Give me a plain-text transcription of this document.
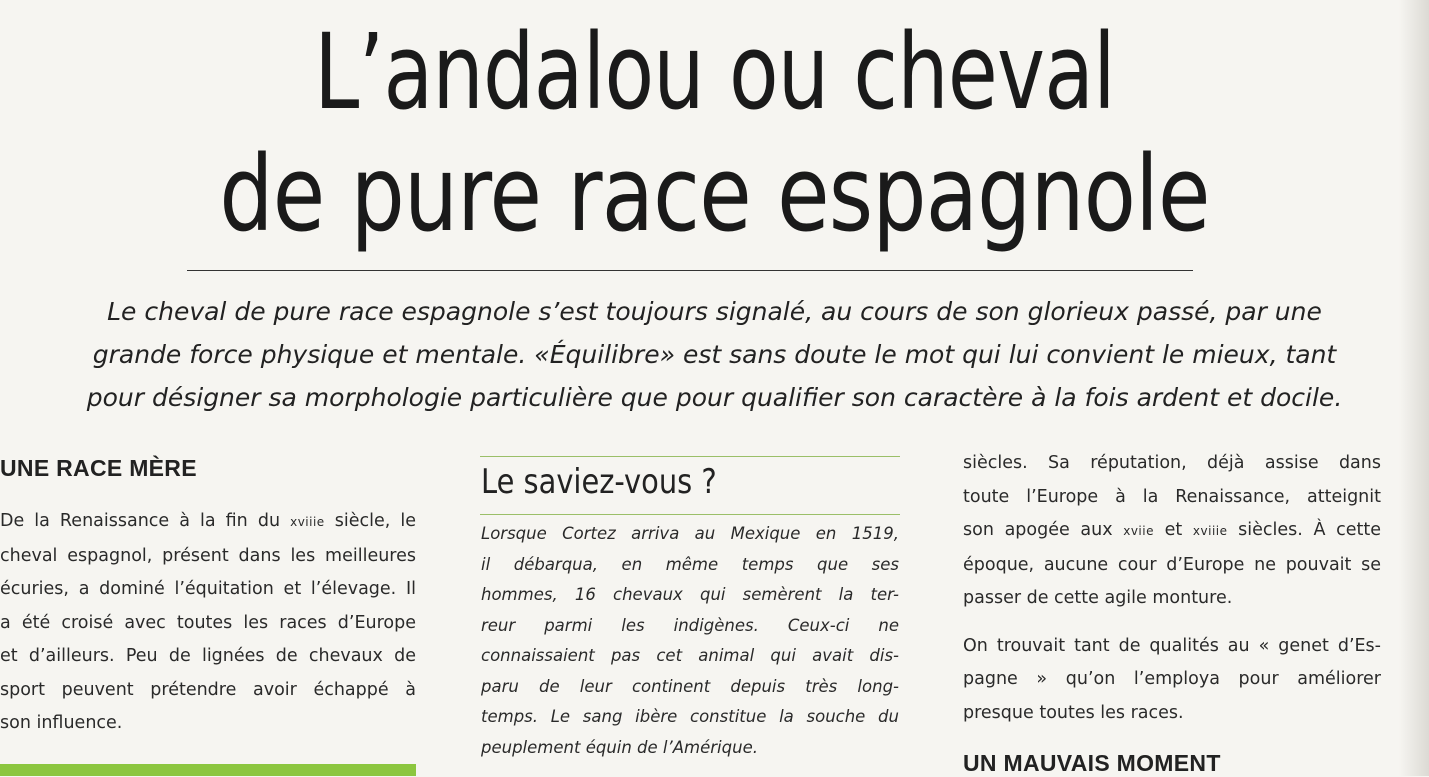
L’andalou ou cheval
de pure race espagnole
Le cheval de pure race espagnole s’est toujours signalé, au cours de son glorieux passé, par une
grande force physique et mentale. «Équilibre» est sans doute le mot qui lui convient le mieux, tant
pour désigner sa morphologie particulière que pour qualifier son caractère à la fois ardent et docile.
UNE RACE MÈRE
De la Renaissance à la fin du xviiie siècle, le
cheval espagnol, présent dans les meilleures
écuries, a dominé l’équitation et l’élevage. Il
a été croisé avec toutes les races d’Europe
et d’ailleurs. Peu de lignées de chevaux de
sport peuvent prétendre avoir échappé à
son influence.
Le saviez-vous ?
Lorsque Cortez arriva au Mexique en 1519,
il débarqua, en même temps que ses
hommes, 16 chevaux qui semèrent la ter-
reur parmi les indigènes. Ceux-ci ne
connaissaient pas cet animal qui avait dis-
paru de leur continent depuis très long-
temps. Le sang ibère constitue la souche du
peuplement équin de l’Amérique.

siècles. Sa réputation, déjà assise dans
toute l’Europe à la Renaissance, atteignit
son apogée aux xviie et xviiie siècles. À cette
époque, aucune cour d’Europe ne pouvait se
passer de cette agile monture.

On trouvait tant de qualités au « genet d’Es-
pagne » qu’on l’employa pour améliorer
presque toutes les races.

UN MAUVAIS MOMENT
